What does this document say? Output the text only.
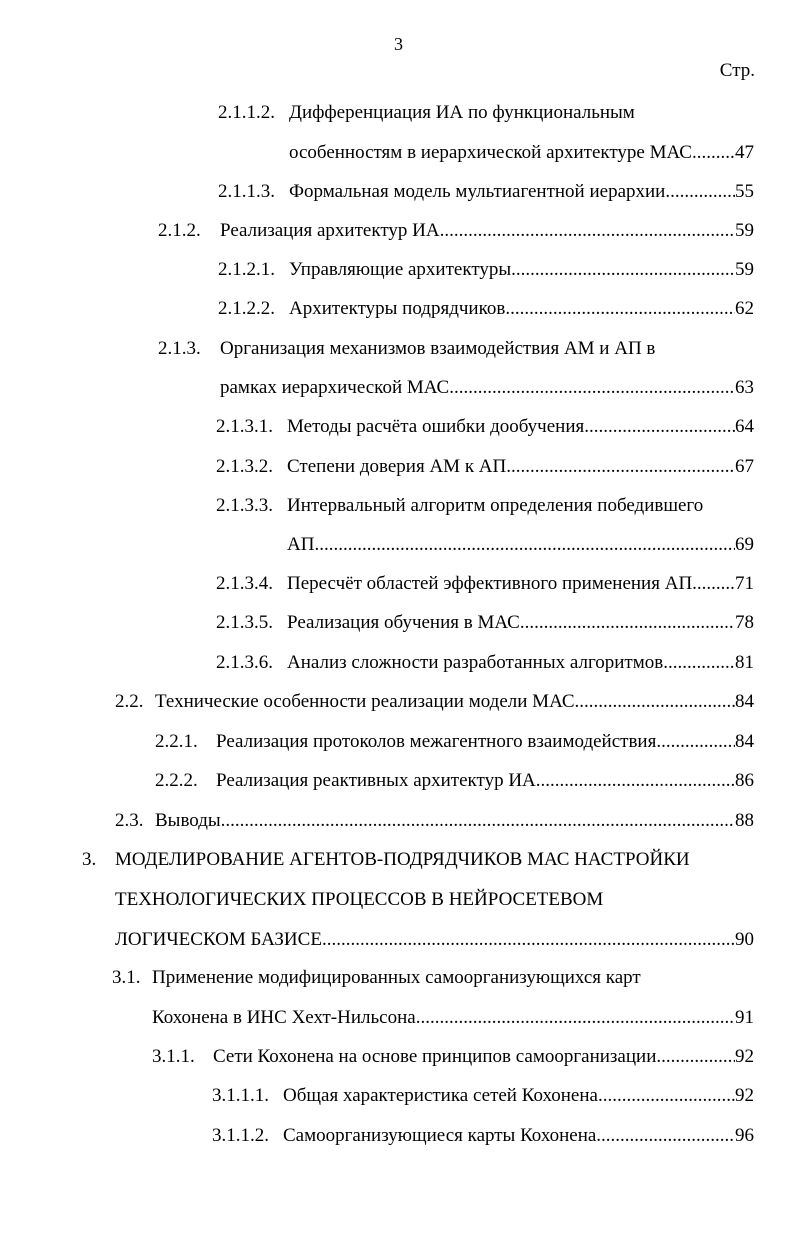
3
Стр.
2.1.1.2. Дифференциация ИА по функциональным
особенностям в иерархической архитектуре МАС ..... 47
2.1.1.3. Формальная модель мультиагентной иерархии .....	55
2.1.2. Реализация архитектур ИА .....	59
2.1.2.1. Управляющие архитектуры .....	59
2.1.2.2. Архитектуры подрядчиков .....	62
2.1.3. Организация механизмов взаимодействия АМ и АП в
рамках иерархической МАС .....	63
2.1.3.1. Методы расчёта ошибки дообучения .....	64
2.1.3.2. Степени доверия АМ к АП .....	67
2.1.3.3. Интервальный алгоритм определения победившего
АП .....	69
2.1.3.4. Пересчёт областей эффективного применения АП ..... 71
2.1.3.5. Реализация обучения в МАС .....	78
2.1.3.6. Анализ сложности разработанных алгоритмов .....	81
2.2. Технические особенности реализации модели МАС .....	84
2.2.1. Реализация протоколов межагентного взаимодействия .....	84
2.2.2. Реализация реактивных архитектур ИА .....	86
2.3. Выводы .....	88
3. МОДЕЛИРОВАНИЕ АГЕНТОВ-ПОДРЯДЧИКОВ МАС НАСТРОЙКИ
ТЕХНОЛОГИЧЕСКИХ ПРОЦЕССОВ В НЕЙРОСЕТЕВОМ
ЛОГИЧЕСКОМ БАЗИСЕ .....	90
3.1. Применение модифицированных самоорганизующихся карт
Кохонена в ИНС Хехт-Нильсона .....	91
3.1.1. Сети Кохонена на основе принципов самоорганизации .....	92
3.1.1.1. Общая характеристика сетей Кохонена .....	92
3.1.1.2. Самоорганизующиеся карты Кохонена .....	96
